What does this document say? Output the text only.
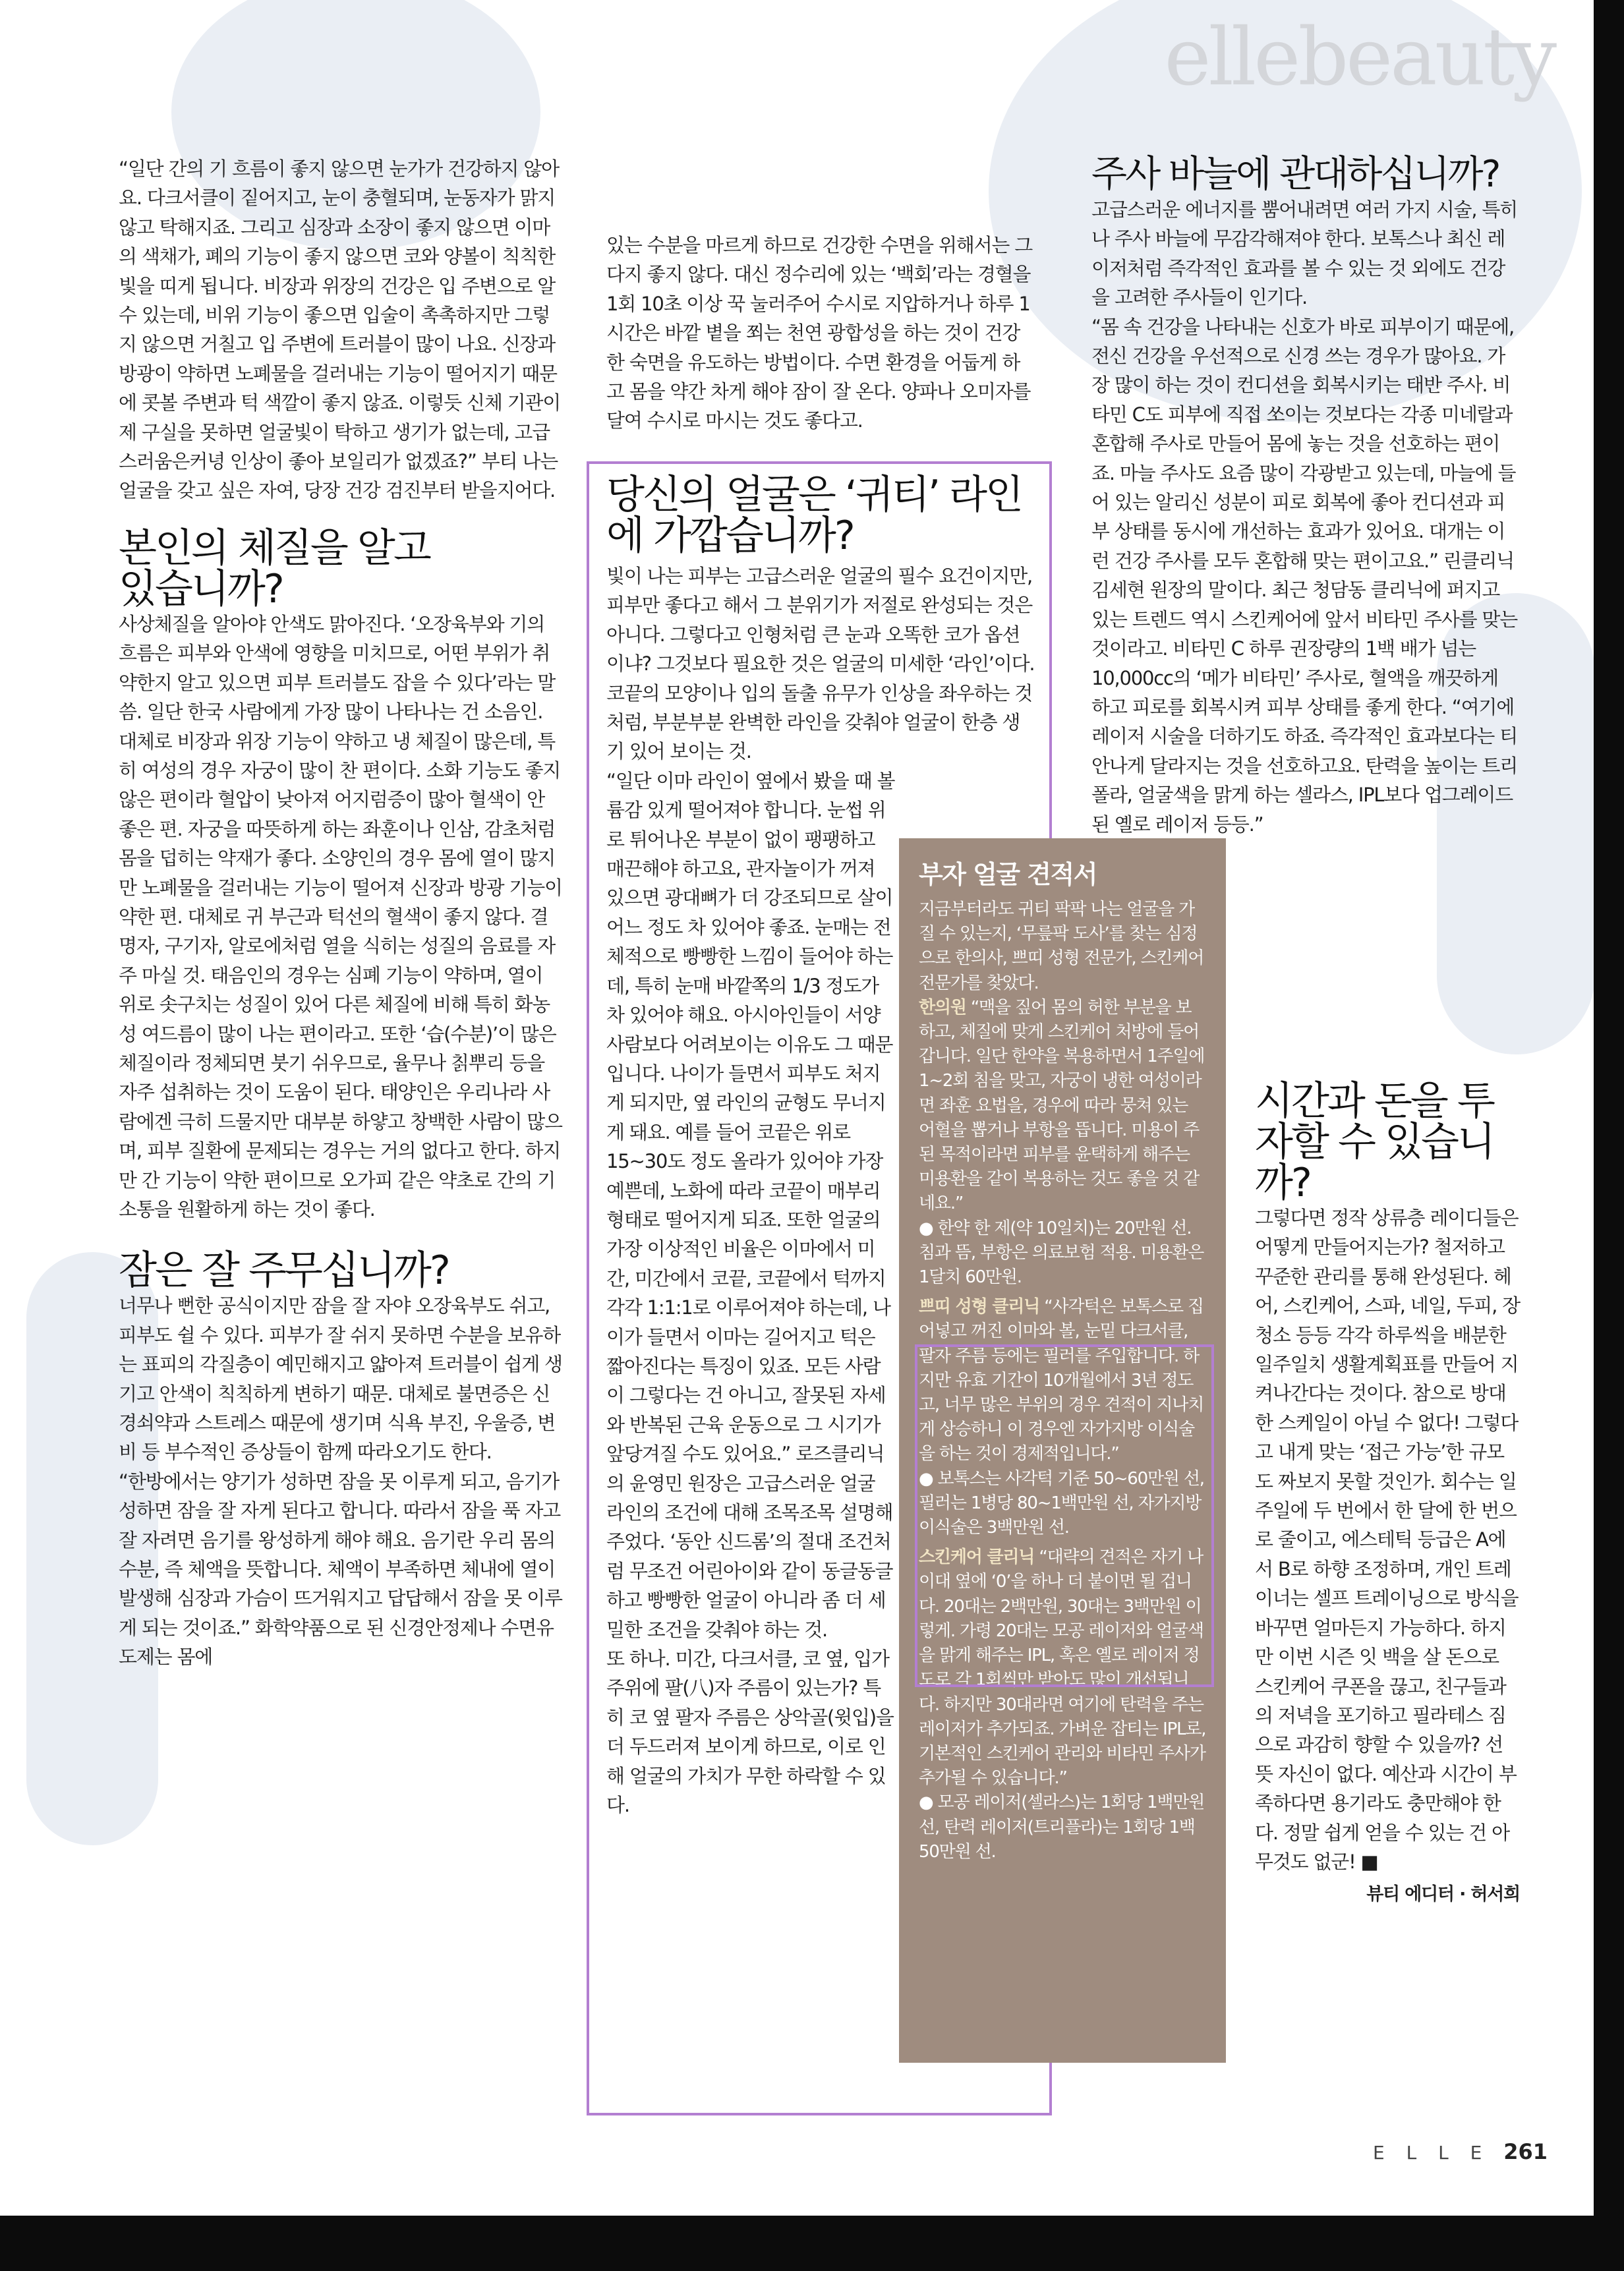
ellebeauty

“일단 간의 기 흐름이 좋지 않으면 눈가가 건강하지 않아요. 다크서클이 짙어지고, 눈이 충혈되며, 눈동자가 맑지 않고 탁해지죠. 그리고 심장과 소장이 좋지 않으면 이마의 색채가, 폐의 기능이 좋지 않으면 코와 양볼이 칙칙한 빛을 띠게 됩니다. 비장과 위장의 건강은 입 주변으로 알 수 있는데, 비위 기능이 좋으면 입술이 촉촉하지만 그렇지 않으면 거칠고 입 주변에 트러블이 많이 나요. 신장과 방광이 약하면 노폐물을 걸러내는 기능이 떨어지기 때문에 콧볼 주변과 턱 색깔이 좋지 않죠. 이렇듯 신체 기관이 제 구실을 못하면 얼굴빛이 탁하고 생기가 없는데, 고급스러움은커녕 인상이 좋아 보일리가 없겠죠?” 부티 나는 얼굴을 갖고 싶은 자여, 당장 건강 검진부터 받을지어다.

본인의 체질을 알고 있습니까?

사상체질을 알아야 안색도 맑아진다. ‘오장육부와 기의 흐름은 피부와 안색에 영향을 미치므로, 어떤 부위가 취약한지 알고 있으면 피부 트러블도 잡을 수 있다’라는 말씀. 일단 한국 사람에게 가장 많이 나타나는 건 소음인. 대체로 비장과 위장 기능이 약하고 냉 체질이 많은데, 특히 여성의 경우 자궁이 많이 찬 편이다. 소화 기능도 좋지 않은 편이라 혈압이 낮아져 어지럼증이 많아 혈색이 안 좋은 편. 자궁을 따뜻하게 하는 좌훈이나 인삼, 감초처럼 몸을 덥히는 약재가 좋다. 소양인의 경우 몸에 열이 많지만 노폐물을 걸러내는 기능이 떨어져 신장과 방광 기능이 약한 편. 대체로 귀 부근과 턱선의 혈색이 좋지 않다. 결명자, 구기자, 알로에처럼 열을 식히는 성질의 음료를 자주 마실 것. 태음인의 경우는 심폐 기능이 약하며, 열이 위로 솟구치는 성질이 있어 다른 체질에 비해 특히 화농성 여드름이 많이 나는 편이라고. 또한 ‘습(수분)’이 많은 체질이라 정체되면 붓기 쉬우므로, 율무나 칡뿌리 등을 자주 섭취하는 것이 도움이 된다. 태양인은 우리나라 사람에겐 극히 드물지만 대부분 하얗고 창백한 사람이 많으며, 피부 질환에 문제되는 경우는 거의 없다고 한다. 하지만 간 기능이 약한 편이므로 오가피 같은 약초로 간의 기 소통을 원활하게 하는 것이 좋다.

잠은 잘 주무십니까?

너무나 뻔한 공식이지만 잠을 잘 자야 오장육부도 쉬고, 피부도 쉴 수 있다. 피부가 잘 쉬지 못하면 수분을 보유하는 표피의 각질층이 예민해지고 얇아져 트러블이 쉽게 생기고 안색이 칙칙하게 변하기 때문. 대체로 불면증은 신경쇠약과 스트레스 때문에 생기며 식욕 부진, 우울증, 변비 등 부수적인 증상들이 함께 따라오기도 한다.

“한방에서는 양기가 성하면 잠을 못 이루게 되고, 음기가 성하면 잠을 잘 자게 된다고 합니다. 따라서 잠을 푹 자고 잘 자려면 음기를 왕성하게 해야 해요. 음기란 우리 몸의 수분, 즉 체액을 뜻합니다. 체액이 부족하면 체내에 열이 발생해 심장과 가슴이 뜨거워지고 답답해서 잠을 못 이루게 되는 것이죠.” 화학약품으로 된 신경안정제나 수면유도제는 몸에

있는 수분을 마르게 하므로 건강한 수면을 위해서는 그다지 좋지 않다. 대신 정수리에 있는 ‘백회’라는 경혈을 1회 10초 이상 꾹 눌러주어 수시로 지압하거나 하루 1시간은 바깥 볕을 쬐는 천연 광합성을 하는 것이 건강한 숙면을 유도하는 방법이다. 수면 환경을 어둡게 하고 몸을 약간 차게 해야 잠이 잘 온다. 양파나 오미자를 달여 수시로 마시는 것도 좋다고.

당신의 얼굴은 ‘귀티’ 라인에 가깝습니까?

빛이 나는 피부는 고급스러운 얼굴의 필수 요건이지만, 피부만 좋다고 해서 그 분위기가 저절로 완성되는 것은 아니다. 그렇다고 인형처럼 큰 눈과 오똑한 코가 옵션이냐? 그것보다 필요한 것은 얼굴의 미세한 ‘라인’이다. 코끝의 모양이나 입의 돌출 유무가 인상을 좌우하는 것처럼, 부분부분 완벽한 라인을 갖춰야 얼굴이 한층 생기 있어 보이는 것.

“일단 이마 라인이 옆에서 봤을 때 볼륨감 있게 떨어져야 합니다. 눈썹 위로 튀어나온 부분이 없이 팽팽하고 매끈해야 하고요, 관자놀이가 꺼져 있으면 광대뼈가 더 강조되므로 살이 어느 정도 차 있어야 좋죠. 눈매는 전체적으로 빵빵한 느낌이 들어야 하는데, 특히 눈매 바깥쪽의 1/3 정도가 차 있어야 해요. 아시아인들이 서양 사람보다 어려보이는 이유도 그 때문입니다. 나이가 들면서 피부도 처지게 되지만, 옆 라인의 균형도 무너지게 돼요. 예를 들어 코끝은 위로 15~30도 정도 올라가 있어야 가장 예쁜데, 노화에 따라 코끝이 매부리 형태로 떨어지게 되죠. 또한 얼굴의 가장 이상적인 비율은 이마에서 미간, 미간에서 코끝, 코끝에서 턱까지 각각 1:1:1로 이루어져야 하는데, 나이가 들면서 이마는 길어지고 턱은 짧아진다는 특징이 있죠. 모든 사람이 그렇다는 건 아니고, 잘못된 자세와 반복된 근육 운동으로 그 시기가 앞당겨질 수도 있어요.” 로즈클리닉의 윤영민 원장은 고급스러운 얼굴 라인의 조건에 대해 조목조목 설명해주었다. ‘동안 신드롬’의 절대 조건처럼 무조건 어린아이와 같이 동글동글하고 빵빵한 얼굴이 아니라 좀 더 세밀한 조건을 갖춰야 하는 것.

또 하나. 미간, 다크서클, 코 옆, 입가 주위에 팔(八)자 주름이 있는가? 특히 코 옆 팔자 주름은 상악골(윗입)을 더 두드러져 보이게 하므로, 이로 인해 얼굴의 가치가 무한 하락할 수 있다.

부자 얼굴 견적서

지금부터라도 귀티 팍팍 나는 얼굴을 가질 수 있는지, ‘무릎팍 도사’를 찾는 심정으로 한의사, 쁘띠 성형 전문가, 스킨케어 전문가를 찾았다.

한의원 “맥을 짚어 몸의 허한 부분을 보하고, 체질에 맞게 스킨케어 처방에 들어갑니다. 일단 한약을 복용하면서 1주일에 1~2회 침을 맞고, 자궁이 냉한 여성이라면 좌훈 요법을, 경우에 따라 뭉쳐 있는 어혈을 뽑거나 부항을 뜹니다. 미용이 주된 목적이라면 피부를 윤택하게 해주는 미용환을 같이 복용하는 것도 좋을 것 같네요.”

● 한약 한 제(약 10일치)는 20만원 선. 침과 뜸, 부항은 의료보험 적용. 미용환은 1달치 60만원.

쁘띠 성형 클리닉 “사각턱은 보톡스로 집어넣고 꺼진 이마와 볼, 눈밑 다크서클, 팔자 주름 등에는 필러를 주입합니다. 하지만 유효 기간이 10개월에서 3년 정도고, 너무 많은 부위의 경우 견적이 지나치게 상승하니 이 경우엔 자가지방 이식술을 하는 것이 경제적입니다.”

● 보톡스는 사각턱 기준 50~60만원 선, 필러는 1병당 80~1백만원 선, 자가지방 이식술은 3백만원 선.

스킨케어 클리닉 “대략의 견적은 자기 나이대 옆에 ‘0’을 하나 더 붙이면 될 겁니다. 20대는 2백만원, 30대는 3백만원 이렇게. 가령 20대는 모공 레이저와 얼굴색을 맑게 해주는 IPL, 혹은 옐로 레이저 정도로 각 1회씩만 받아도 많이 개선됩니다. 하지만 30대라면 여기에 탄력을 주는 레이저가 추가되죠. 가벼운 잡티는 IPL로, 기본적인 스킨케어 관리와 비타민 주사가 추가될 수 있습니다.”

● 모공 레이저(셀라스)는 1회당 1백만원 선, 탄력 레이저(트리플라)는 1회당 1백50만원 선.

주사 바늘에 관대하십니까?

고급스러운 에너지를 뿜어내려면 여러 가지 시술, 특히나 주사 바늘에 무감각해져야 한다. 보톡스나 최신 레이저처럼 즉각적인 효과를 볼 수 있는 것 외에도 건강을 고려한 주사들이 인기다.

“몸 속 건강을 나타내는 신호가 바로 피부이기 때문에, 전신 건강을 우선적으로 신경 쓰는 경우가 많아요. 가장 많이 하는 것이 컨디션을 회복시키는 태반 주사. 비타민 C도 피부에 직접 쏘이는 것보다는 각종 미네랄과 혼합해 주사로 만들어 몸에 놓는 것을 선호하는 편이죠. 마늘 주사도 요즘 많이 각광받고 있는데, 마늘에 들어 있는 알리신 성분이 피로 회복에 좋아 컨디션과 피부 상태를 동시에 개선하는 효과가 있어요. 대개는 이런 건강 주사를 모두 혼합해 맞는 편이고요.” 린클리닉 김세현 원장의 말이다. 최근 청담동 클리닉에 퍼지고 있는 트렌드 역시 스킨케어에 앞서 비타민 주사를 맞는 것이라고. 비타민 C 하루 권장량의 1백 배가 넘는 10,000cc의 ‘메가 비타민’ 주사로, 혈액을 깨끗하게 하고 피로를 회복시켜 피부 상태를 좋게 한다. “여기에 레이저 시술을 더하기도 하죠. 즉각적인 효과보다는 티 안나게 달라지는 것을 선호하고요. 탄력을 높이는 트리폴라, 얼굴색을 맑게 하는 셀라스, IPL보다 업그레이드된 옐로 레이저 등등.”

시간과 돈을 투자할 수 있습니까?

그렇다면 정작 상류층 레이디들은 어떻게 만들어지는가? 철저하고 꾸준한 관리를 통해 완성된다. 헤어, 스킨케어, 스파, 네일, 두피, 장 청소 등등 각각 하루씩을 배분한 일주일치 생활계획표를 만들어 지켜나간다는 것이다. 참으로 방대한 스케일이 아닐 수 없다! 그렇다고 내게 맞는 ‘접근 가능’한 규모도 짜보지 못할 것인가. 회수는 일주일에 두 번에서 한 달에 한 번으로 줄이고, 에스테틱 등급은 A에서 B로 하향 조정하며, 개인 트레이너는 셀프 트레이닝으로 방식을 바꾸면 얼마든지 가능하다. 하지만 이번 시즌 잇 백을 살 돈으로 스킨케어 쿠폰을 끊고, 친구들과의 저녁을 포기하고 필라테스 짐으로 과감히 향할 수 있을까? 선뜻 자신이 없다. 예산과 시간이 부족하다면 용기라도 충만해야 한다. 정말 쉽게 얻을 수 있는 건 아무것도 없군! ■

뷰티 에디터 · 허서희

E L L E 261
